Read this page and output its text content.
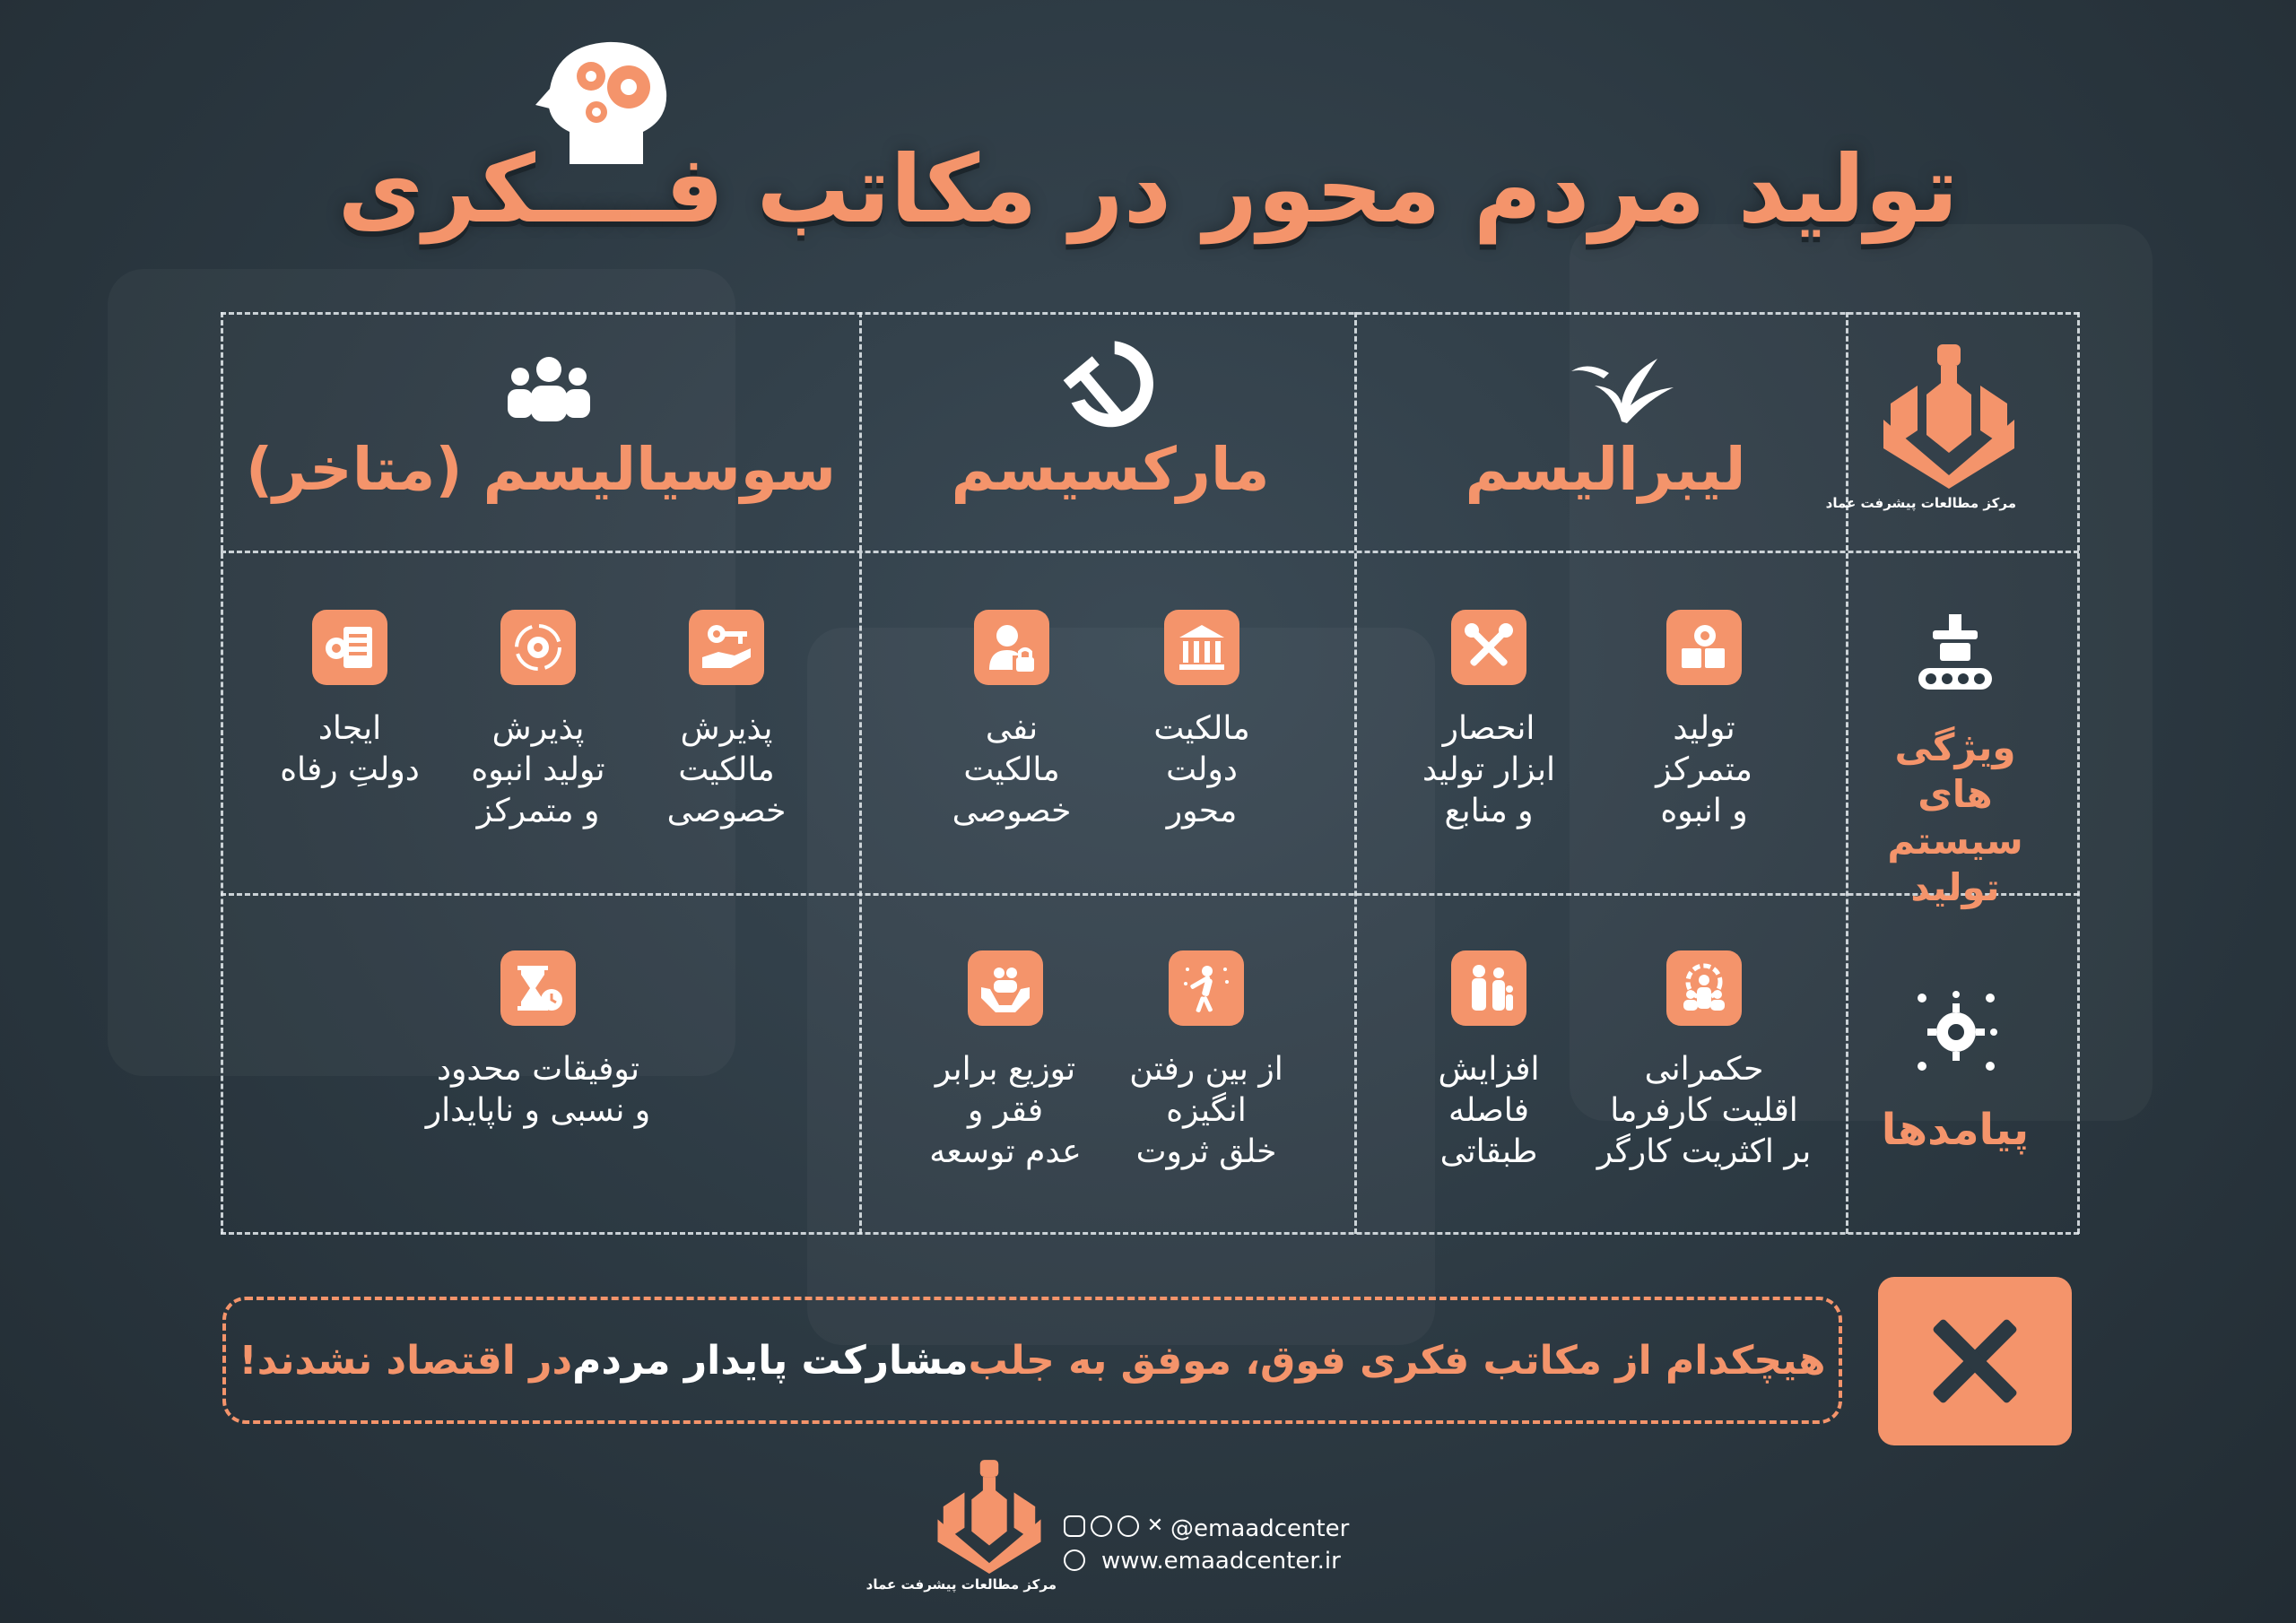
تولید مردم محور در مکاتب فــــکری
مرکز مطالعات پیشرفت عماد
لیبرالیسم
مارکسیسم
سوسیالیسم (متاخر)
ویژگی های
سیستم
تولید
پیامدها
تولید
متمرکز
و انبوه
انحصار
ابزار تولید
و منابع
مالکیت
دولت
محور
نفی
مالکیت
خصوصی
پذیرش
مالکیت
خصوصی
پذیرش
تولید انبوه
و متمرکز
ایجاد
دولتِ رفاه
حکمرانی
اقلیت کارفرما
بر اکثریت کارگر
افزایش
فاصله
طبقاتی
از بین رفتن
انگیزه
خلق ثروت
توزیع برابر
فقر و
عدم توسعه
توفیقات محدود
و نسبی و ناپایدار
هیچکدام از مکاتب فکری فوق، موفق به جلب
مشارکت پایدار مردم
در اقتصاد نشدند!
مرکز مطالعات پیشرفت عماد
✕ @emaadcenter
www.emaadcenter.ir
